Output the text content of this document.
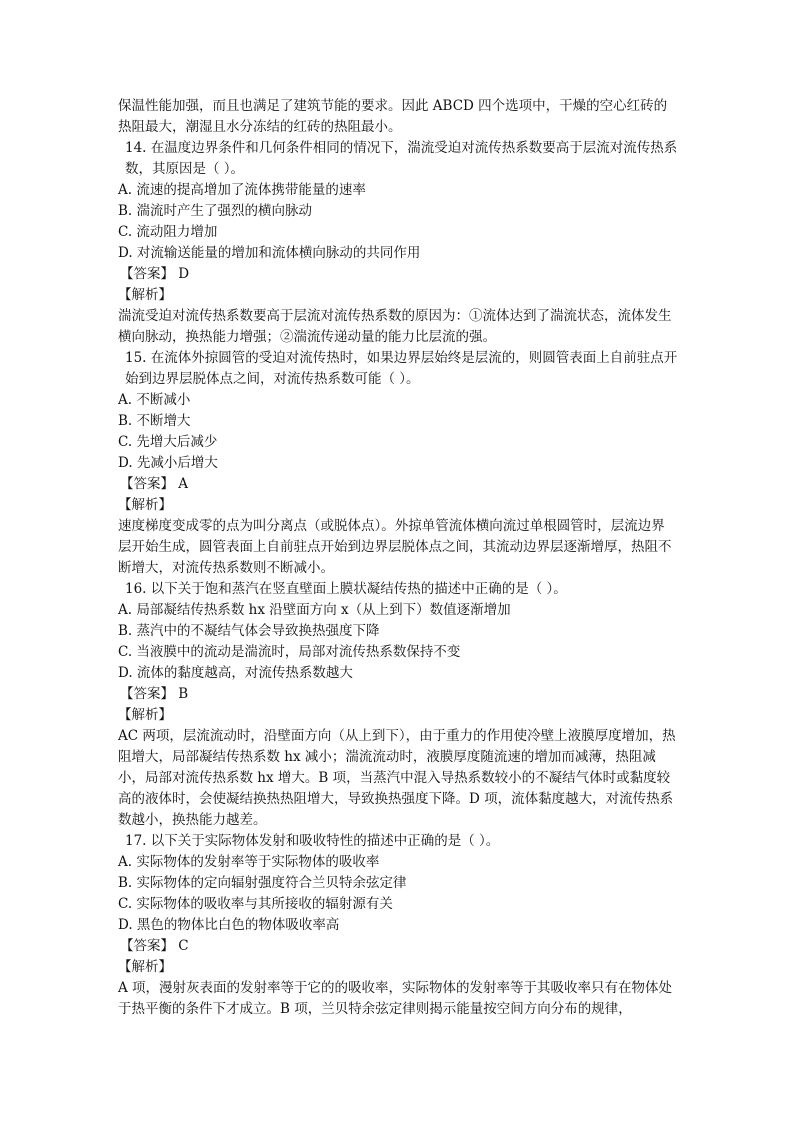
保温性能加强，而且也满足了建筑节能的要求。因此 ABCD 四个选项中，干燥的空心红砖的热阻最大，潮湿且水分冻结的红砖的热阻最小。

14. 在温度边界条件和几何条件相同的情况下，湍流受迫对流传热系数要高于层流对流传热系数，其原因是（ ）。

A. 流速的提高增加了流体携带能量的速率

B. 湍流时产生了强烈的横向脉动

C. 流动阻力增加

D. 对流输送能量的增加和流体横向脉动的共同作用

【答案】 D

【解析】

湍流受迫对流传热系数要高于层流对流传热系数的原因为：①流体达到了湍流状态，流体发生横向脉动，换热能力增强；②湍流传递动量的能力比层流的强。

15. 在流体外掠圆管的受迫对流传热时，如果边界层始终是层流的，则圆管表面上自前驻点开始到边界层脱体点之间，对流传热系数可能（ ）。

A. 不断减小

B. 不断增大

C. 先增大后减少

D. 先减小后增大

【答案】 A

【解析】

速度梯度变成零的点为叫分离点（或脱体点）。外掠单管流体横向流过单根圆管时，层流边界层开始生成，圆管表面上自前驻点开始到边界层脱体点之间，其流动边界层逐渐增厚，热阻不断增大，对流传热系数则不断减小。

16. 以下关于饱和蒸汽在竖直壁面上膜状凝结传热的描述中正确的是（ ）。

A. 局部凝结传热系数 hx 沿壁面方向 x（从上到下）数值逐渐增加

B. 蒸汽中的不凝结气体会导致换热强度下降

C. 当液膜中的流动是湍流时，局部对流传热系数保持不变

D. 流体的黏度越高，对流传热系数越大

【答案】 B

【解析】

AC 两项，层流流动时，沿壁面方向（从上到下），由于重力的作用使冷壁上液膜厚度增加，热阻增大，局部凝结传热系数 hx 减小；湍流流动时，液膜厚度随流速的增加而减薄，热阻减小，局部对流传热系数 hx 增大。B 项，当蒸汽中混入导热系数较小的不凝结气体时或黏度较高的液体时，会使凝结换热热阻增大，导致换热强度下降。D 项，流体黏度越大，对流传热系数越小，换热能力越差。

17. 以下关于实际物体发射和吸收特性的描述中正确的是（ ）。

A. 实际物体的发射率等于实际物体的吸收率

B. 实际物体的定向辐射强度符合兰贝特余弦定律

C. 实际物体的吸收率与其所接收的辐射源有关

D. 黑色的物体比白色的物体吸收率高

【答案】 C

【解析】

A 项，漫射灰表面的发射率等于它的的吸收率，实际物体的发射率等于其吸收率只有在物体处于热平衡的条件下才成立。B 项，兰贝特余弦定律则揭示能量按空间方向分布的规律，
